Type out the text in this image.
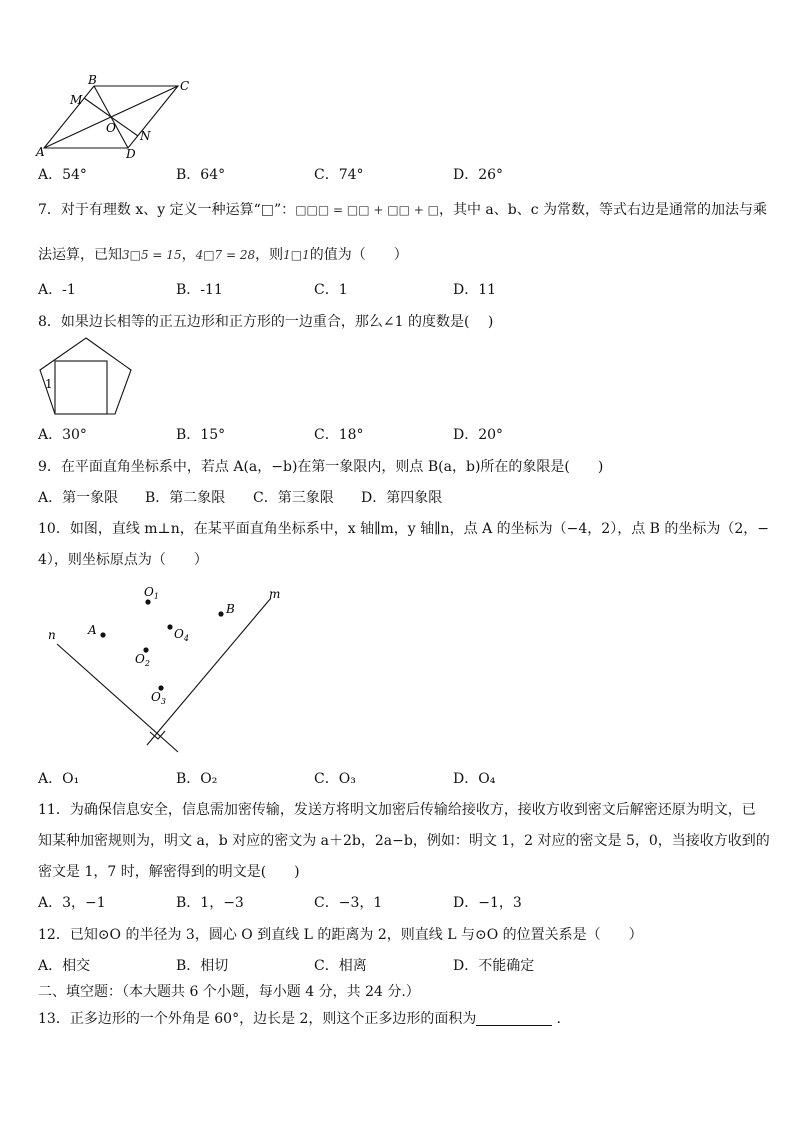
B	C
M
O
N
A	D
A．54°	B．64°	C．74°	D．26°
7．对于有理数 x、y 定义一种运算“□”：□□□ = □□ + □□ + □，其中 a、b、c 为常数，等式右边是通常的加法与乘
法运算，已知3□5 = 15，4□7 = 28，则1□1的值为（　　）
A．-1	B．-11	C．1	D．11
8．如果边长相等的正五边形和正方形的一边重合，那么∠1 的度数是(　 )
1
A．30°	B．15°	C．18°	D．20°
9．在平面直角坐标系中，若点 A(a，−b)在第一象限内，则点 B(a，b)所在的象限是(　　)
A．第一象限 B．第二象限 C．第三象限 D．第四象限
10．如图，直线 m⊥n，在某平面直角坐标系中，x 轴∥m，y 轴∥n，点 A 的坐标为（−4，2），点 B 的坐标为（2，−
4），则坐标原点为（　　）
n
m
A
B
$O_1$
$O_2$
$O_3$
$O_4$
A．O₁	B．O₂	C．O₃	D．O₄
11．为确保信息安全，信息需加密传输，发送方将明文加密后传输给接收方，接收方收到密文后解密还原为明文，已
知某种加密规则为，明文 a，b 对应的密文为 a＋2b，2a−b，例如：明文 1，2 对应的密文是 5，0，当接收方收到的
密文是 1，7 时，解密得到的明文是(　　)
A．3，−1	B．1，−3	C．−3，1	D．−1，3
12．已知⊙O 的半径为 3，圆心 O 到直线 L 的距离为 2，则直线 L 与⊙O 的位置关系是（　　）
A．相交	B．相切	C．相离	D．不能确定
二、填空题：（本大题共 6 个小题，每小题 4 分，共 24 分.）
13．正多边形的一个外角是 60°，边长是 2，则这个正多边形的面积为	.
